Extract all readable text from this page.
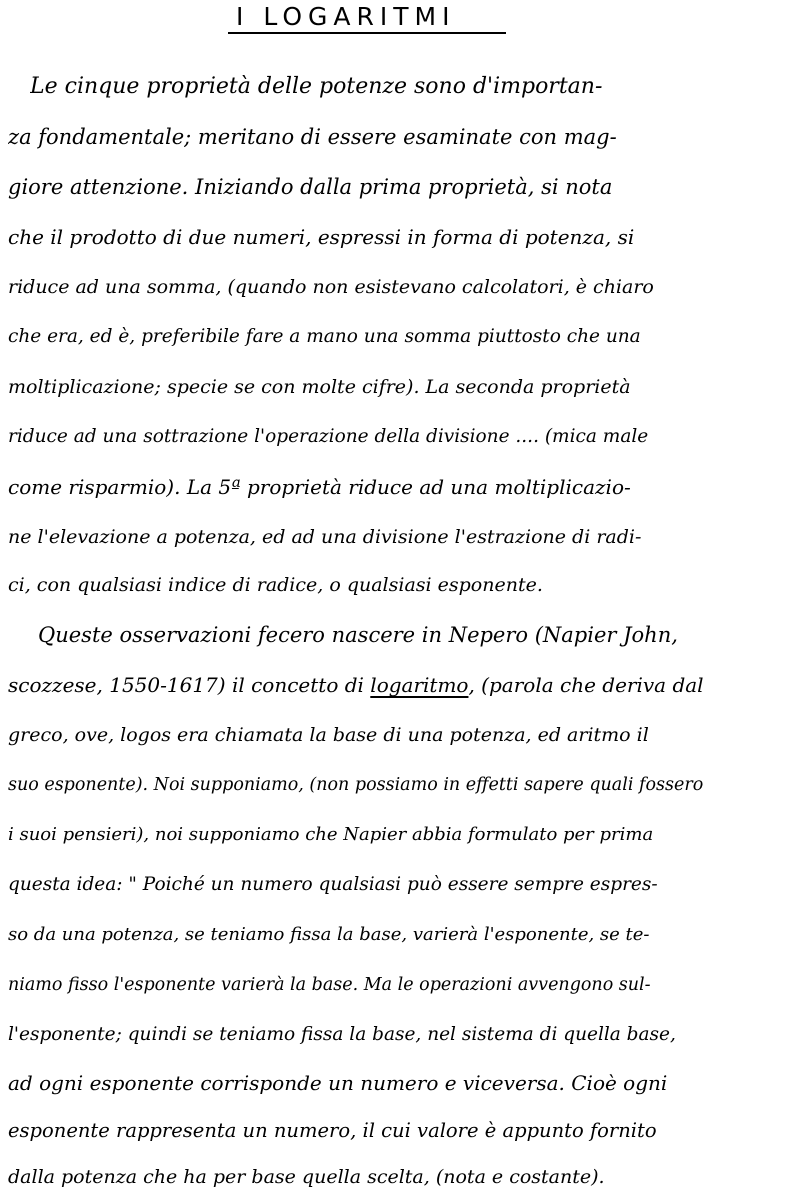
I LOGARITMI
Le cinque proprietà delle potenze sono d'importan-
za fondamentale; meritano di essere esaminate con mag-
giore attenzione. Iniziando dalla prima proprietà, si nota
che il prodotto di due numeri, espressi in forma di potenza, si
riduce ad una somma, (quando non esistevano calcolatori, è chiaro
che era, ed è, preferibile fare a mano una somma piuttosto che una
moltiplicazione; specie se con molte cifre). La seconda proprietà
riduce ad una sottrazione l'operazione della divisione .... (mica male
come risparmio). La 5ª proprietà riduce ad una moltiplicazio-
ne l'elevazione a potenza, ed ad una divisione l'estrazione di radi-
ci, con qualsiasi indice di radice, o qualsiasi esponente.
Queste osservazioni fecero nascere in Nepero (Napier John,
scozzese, 1550-1617) il concetto di logaritmo, (parola che deriva dal
greco, ove, logos era chiamata la base di una potenza, ed aritmo il
suo esponente). Noi supponiamo, (non possiamo in effetti sapere quali fossero
i suoi pensieri), noi supponiamo che Napier abbia formulato per prima
questa idea: " Poiché un numero qualsiasi può essere sempre espres-
so da una potenza, se teniamo fissa la base, varierà l'esponente, se te-
niamo fisso l'esponente varierà la base. Ma le operazioni avvengono sul-
l'esponente; quindi se teniamo fissa la base, nel sistema di quella base,
ad ogni esponente corrisponde un numero e viceversa. Cioè ogni
esponente rappresenta un numero, il cui valore è appunto fornito
dalla potenza che ha per base quella scelta, (nota e costante).
